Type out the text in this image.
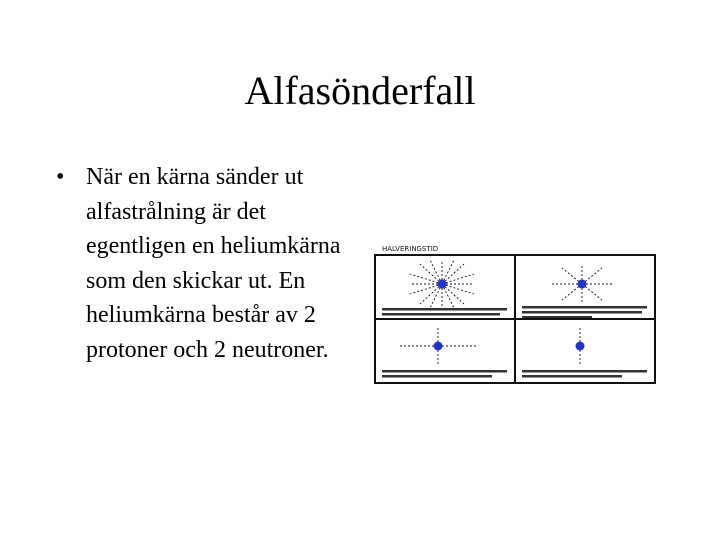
Alfasönderfall
• När en kärna sänder ut alfastrålning är det egentligen en heliumkärna som den skickar ut. En heliumkärna består av 2 protoner och 2 neutroner.
HALVERINGSTID
